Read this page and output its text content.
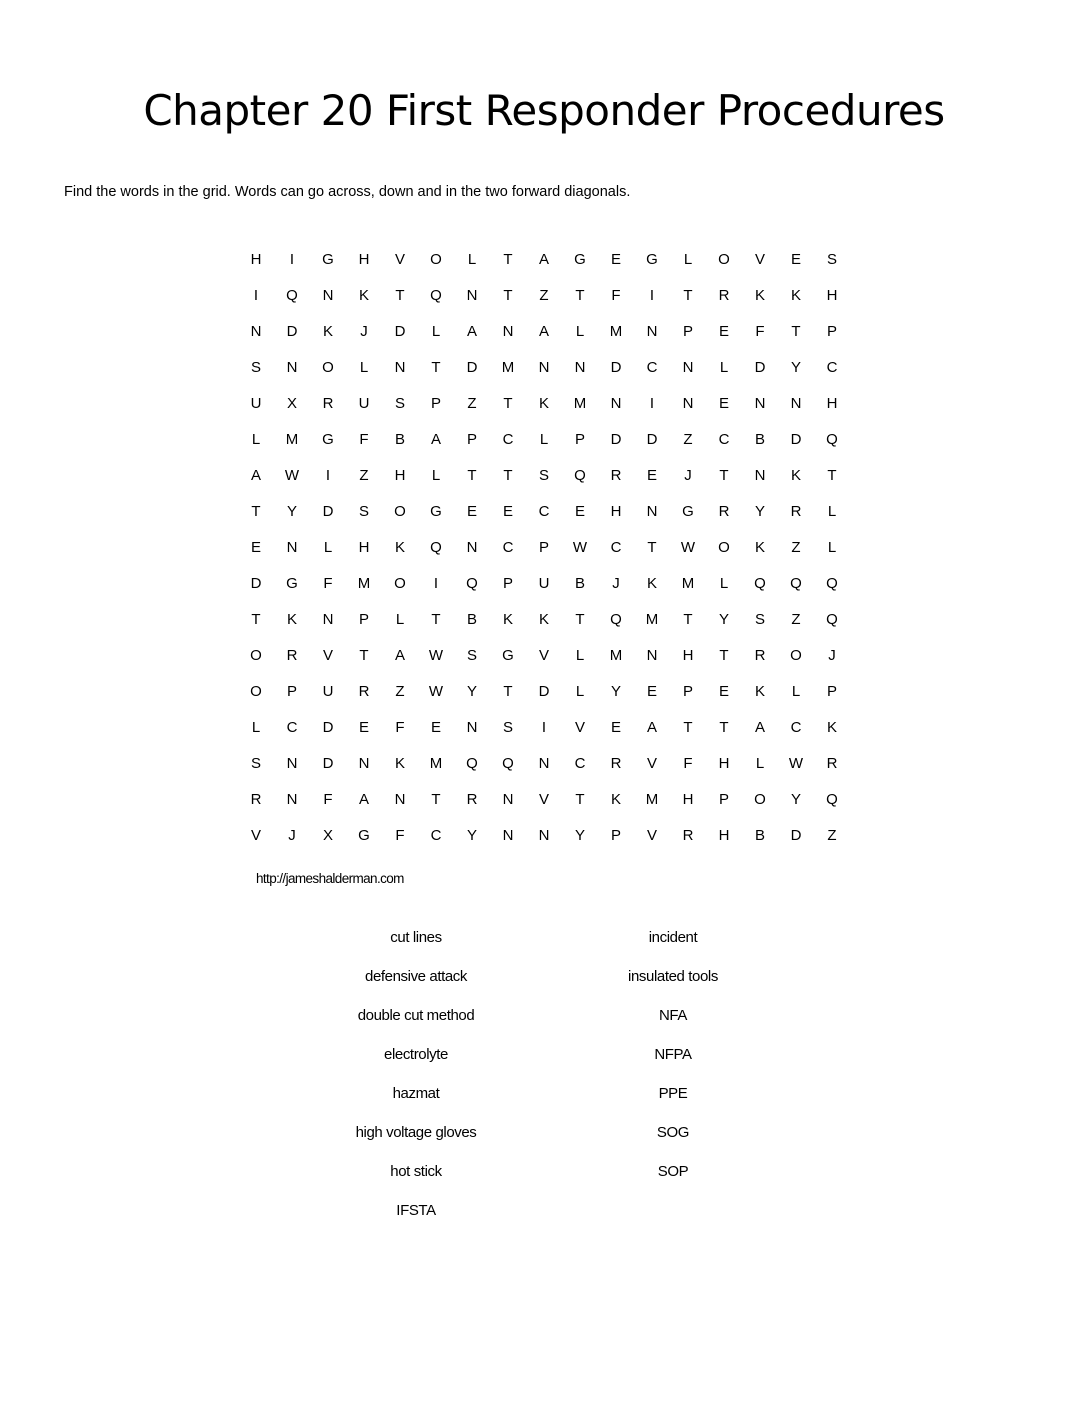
Chapter 20 First Responder Procedures
Find the words in the grid. Words can go across, down and in the two forward diagonals.
H	I	G	H	V	O	L	T	A	G	E	G	L	O	V	E	S
I	Q	N	K	T	Q	N	T	Z	T	F	I	T	R	K	K	H
N	D	K	J	D	L	A	N	A	L	M	N	P	E	F	T	P
S	N	O	L	N	T	D	M	N	N	D	C	N	L	D	Y	C
U	X	R	U	S	P	Z	T	K	M	N	I	N	E	N	N	H
L	M	G	F	B	A	P	C	L	P	D	D	Z	C	B	D	Q
A	W	I	Z	H	L	T	T	S	Q	R	E	J	T	N	K	T
T	Y	D	S	O	G	E	E	C	E	H	N	G	R	Y	R	L
E	N	L	H	K	Q	N	C	P	W	C	T	W	O	K	Z	L
D	G	F	M	O	I	Q	P	U	B	J	K	M	L	Q	Q	Q
T	K	N	P	L	T	B	K	K	T	Q	M	T	Y	S	Z	Q
O	R	V	T	A	W	S	G	V	L	M	N	H	T	R	O	J
O	P	U	R	Z	W	Y	T	D	L	Y	E	P	E	K	L	P
L	C	D	E	F	E	N	S	I	V	E	A	T	T	A	C	K
S	N	D	N	K	M	Q	Q	N	C	R	V	F	H	L	W	R
R	N	F	A	N	T	R	N	V	T	K	M	H	P	O	Y	Q
V	J	X	G	F	C	Y	N	N	Y	P	V	R	H	B	D	Z
http://jameshalderman.com
cut lines
defensive attack
double cut method
electrolyte
hazmat
high voltage gloves
hot stick
IFSTA
incident
insulated tools
NFA
NFPA
PPE
SOG
SOP
